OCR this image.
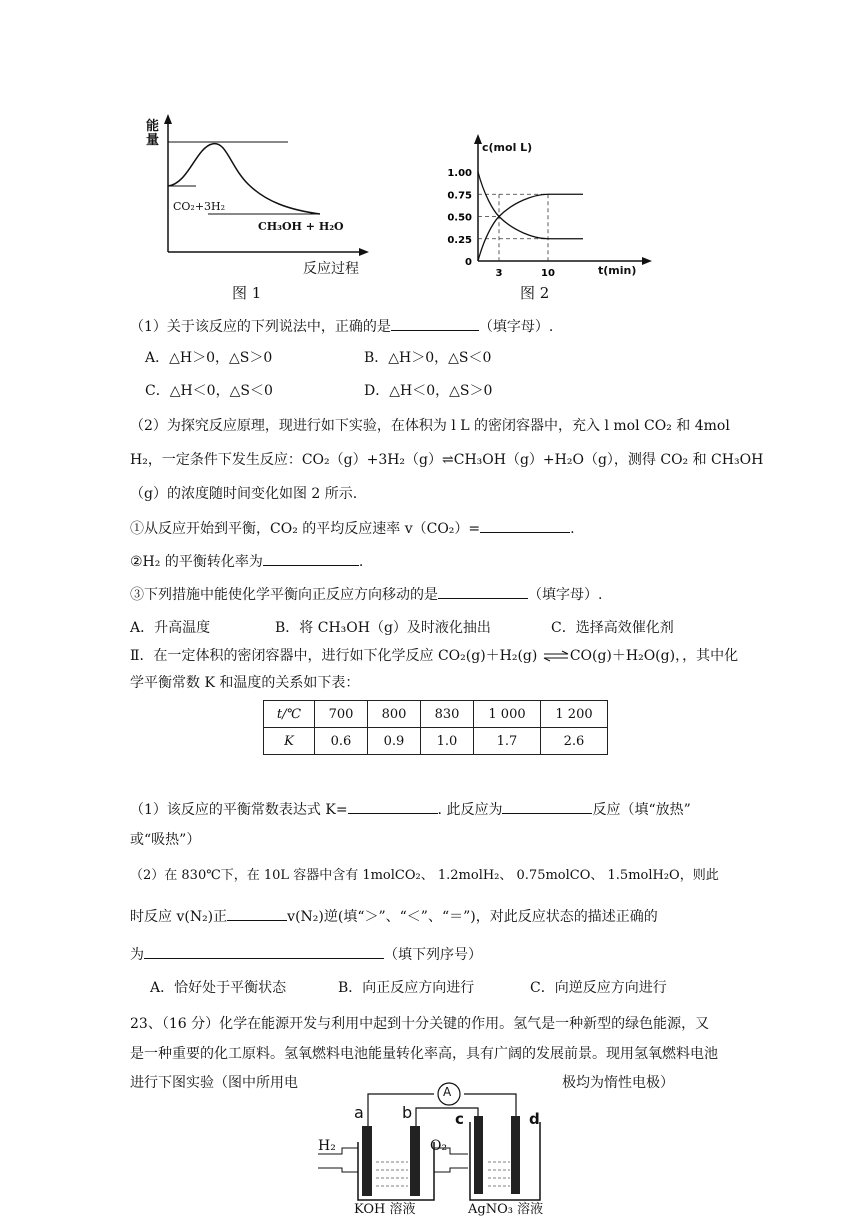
能量
CO₂+3H₂
CH₃OH + H₂O
反应过程
图 1
1.00
0.75
0.50
0.25
0
3	10
c(mol L)
t(min)
图 2
（1）关于该反应的下列说法中，正确的是	（填字母）.
A．△H＞0，△S＞0	B．△H＞0，△S＜0
C．△H＜0，△S＜0	D．△H＜0，△S＞0
（2）为探究反应原理，现进行如下实验，在体积为 l L 的密闭容器中，充入 l mol CO₂ 和 4mol
H₂，一定条件下发生反应：CO₂（g）+3H₂（g）⇌CH₃OH（g）+H₂O（g），测得 CO₂ 和 CH₃OH
（g）的浓度随时间变化如图 2 所示.
①从反应开始到平衡，CO₂ 的平均反应速率 v（CO₂）=	.
②H₂ 的平衡转化率为	.
③下列措施中能使化学平衡向正反应方向移动的是	（填字母）.
A．升高温度	B．将 CH₃OH（g）及时液化抽出	C．选择高效催化剂
Ⅱ．在一定体积的密闭容器中，进行如下化学反应 CO₂(g)＋H₂(g) ⇌CO(g)＋H₂O(g)，，其中化
学平衡常数 K 和温度的关系如下表：
t/℃	700	800	830	1 000	1 200
K	0.6	0.9	1.0	1.7	2.6
（1）该反应的平衡常数表达式 K=	. 此反应为	反应（填“放热”
或“吸热”）
（2）在 830℃下，在 10L 容器中含有 1molCO₂、 1.2molH₂、 0.75molCO、 1.5molH₂O，则此
时反应 v(N₂)正	v(N₂)逆(填“＞”、“＜”、“＝”)，对此反应状态的描述正确的
为	（填下列序号）
A．恰好处于平衡状态	B．向正反应方向进行	C．向逆反应方向进行
23、（16 分）化学在能源开发与利用中起到十分关键的作用。氢气是一种新型的绿色能源，又
是一种重要的化工原料。氢氧燃料电池能量转化率高，具有广阔的发展前景。现用氢氧燃料电池
进行下图实验（图中所用电	极均为惰性电极）
A
a b	c	d
H₂	O₂
KOH 溶液	AgNO₃ 溶液
